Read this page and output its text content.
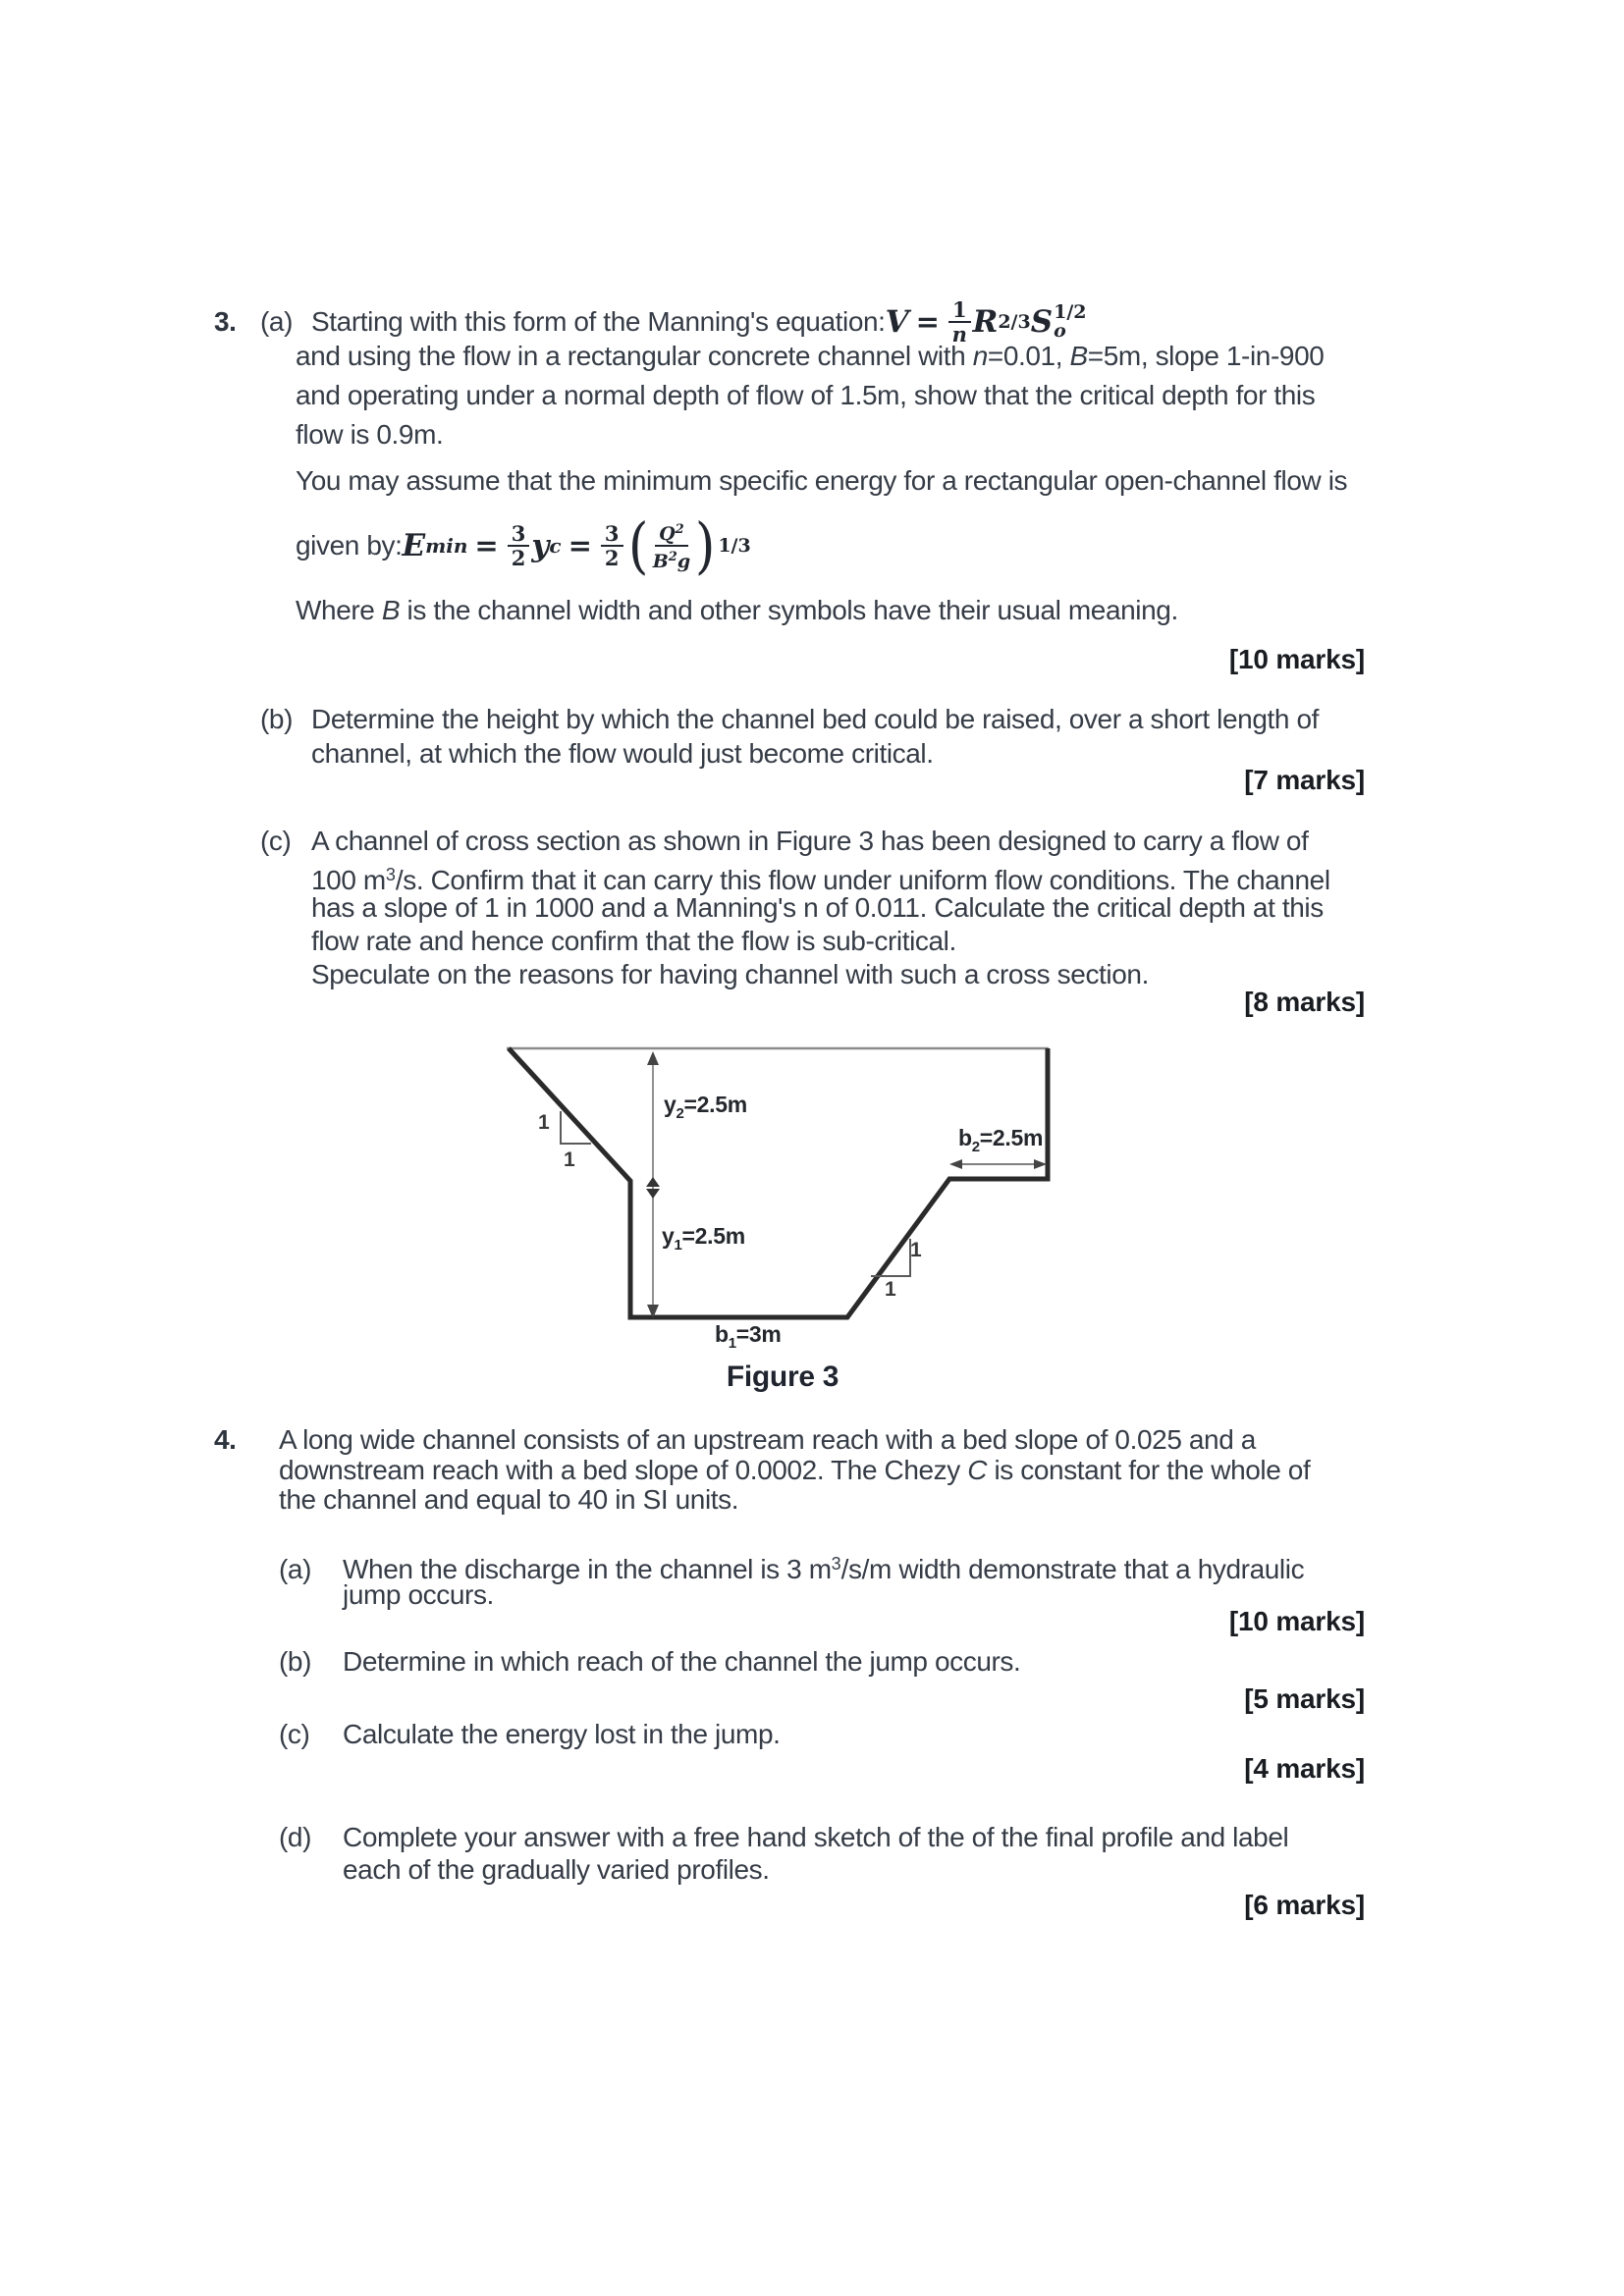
3. (a) Starting with this form of the Manning's equation: $V = \frac{1}{n}$ R 2/3 S 1/2
o
and using the flow in a rectangular concrete channel with n=0.01, B=5m, slope 1-in-900
and operating under a normal depth of flow of 1.5m, show that the critical depth for this
flow is 0.9m.
You may assume that the minimum specific energy for a rectangular open-channel flow is
given by: E $\min = \frac{3}{2}$ y $c = \frac{3}{2}$ ( $\frac{Q^2}{B^2g}$ ) 1/3
Where B is the channel width and other symbols have their usual meaning.
[10 marks]
(b) Determine the height by which the channel bed could be raised, over a short length of
channel, at which the flow would just become critical.
[7 marks]
(c) A channel of cross section as shown in Figure 3 has been designed to carry a flow of
100 $m^3/s$. Confirm that it can carry this flow under uniform flow conditions. The channel
has a slope of 1 in 1000 and a Manning's n of 0.011. Calculate the critical depth at this
flow rate and hence confirm that the flow is sub-critical.
Speculate on the reasons for having channel with such a cross section.
[8 marks]
$y_2=2.5m$
$y_1=2.5m$
$b_2=2.5m$
$b_1=3m$
1
1
1
1
Figure 3
4. A long wide channel consists of an upstream reach with a bed slope of 0.025 and a
downstream reach with a bed slope of 0.0002. The Chezy C is constant for the whole of
the channel and equal to 40 in SI units.
(a) When the discharge in the channel is 3 $m^3/s/m$ width demonstrate that a hydraulic
jump occurs.
[10 marks]
(b) Determine in which reach of the channel the jump occurs.
[5 marks]
(c) Calculate the energy lost in the jump.
[4 marks]
(d) Complete your answer with a free hand sketch of the of the final profile and label
each of the gradually varied profiles.
[6 marks]
